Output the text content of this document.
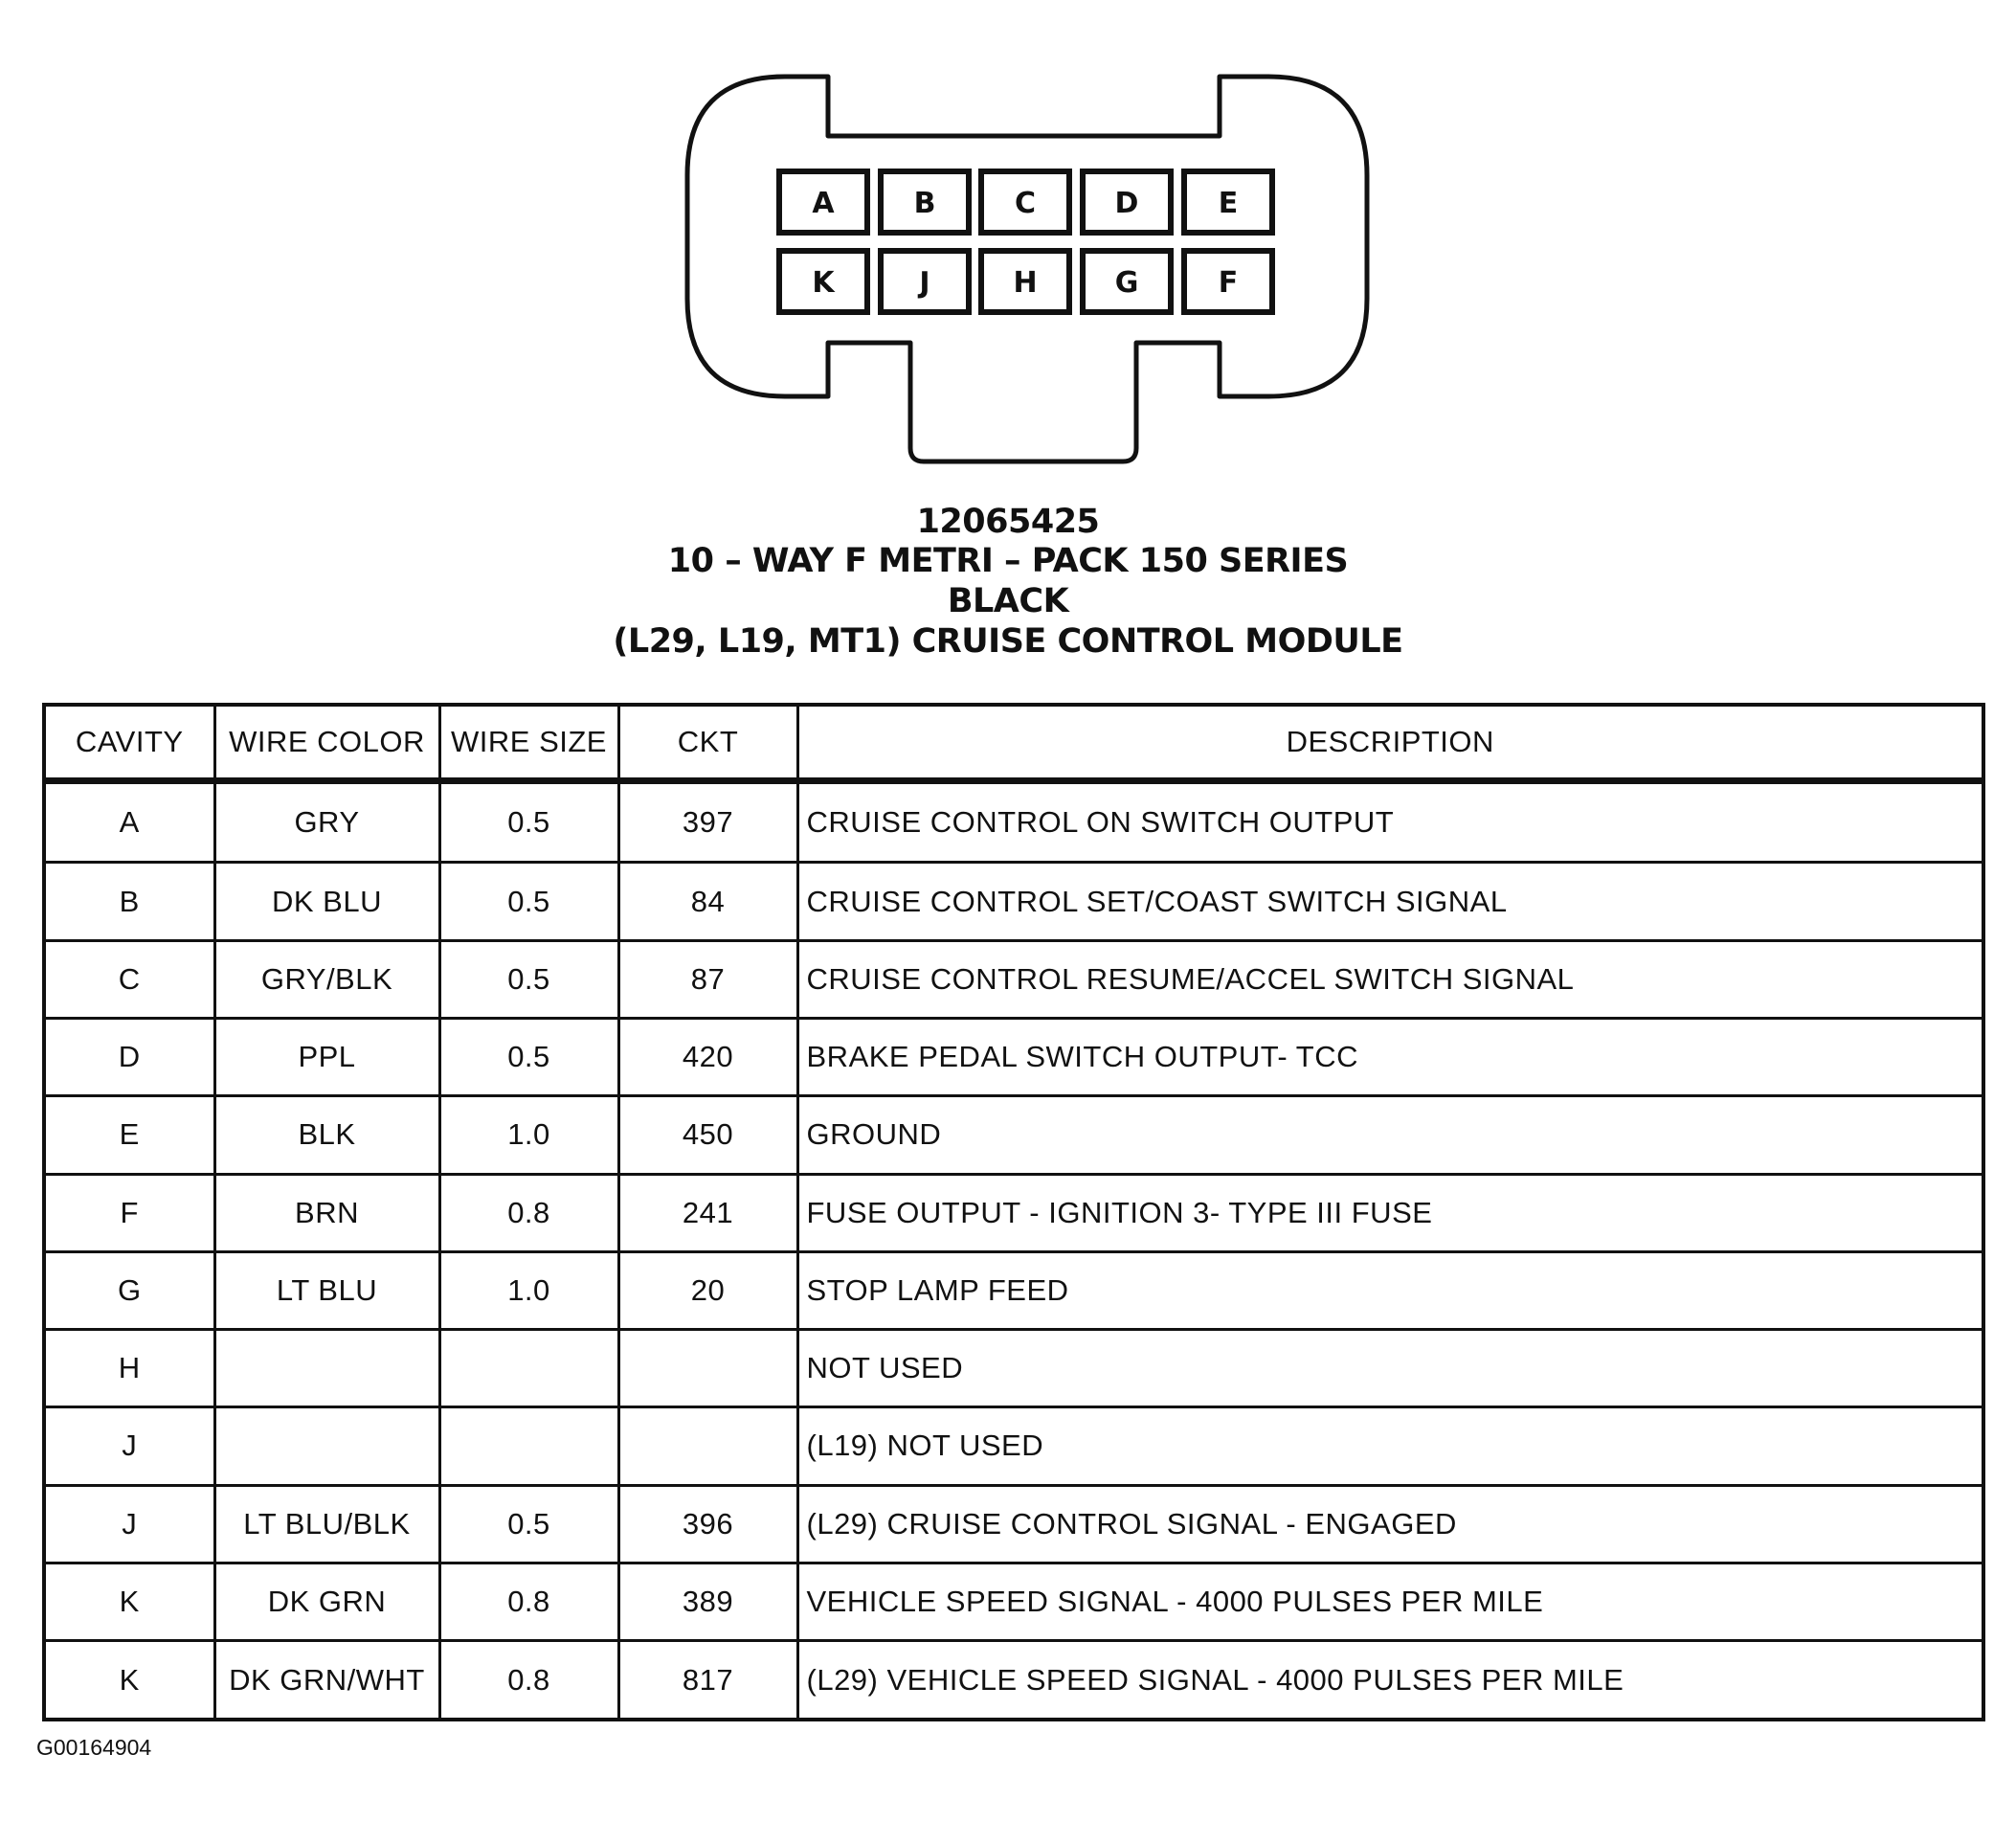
A	B	C	D	E
K	J	H	G	F
12065425
10 – WAY F METRI – PACK 150 SERIES
BLACK
(L29, L19, MT1) CRUISE CONTROL MODULE
CAVITY	WIRE COLOR	WIRE SIZE	CKT	DESCRIPTION
A	GRY	0.5	397	CRUISE CONTROL ON SWITCH OUTPUT
B	DK BLU	0.5	84	CRUISE CONTROL SET/COAST SWITCH SIGNAL
C	GRY/BLK	0.5	87	CRUISE CONTROL RESUME/ACCEL SWITCH SIGNAL
D	PPL	0.5	420	BRAKE PEDAL SWITCH OUTPUT- TCC
E	BLK	1.0	450	GROUND
F	BRN	0.8	241	FUSE OUTPUT - IGNITION 3- TYPE III FUSE
G	LT BLU	1.0	20	STOP LAMP FEED
H				NOT USED
J				(L19) NOT USED
J	LT BLU/BLK	0.5	396	(L29) CRUISE CONTROL SIGNAL - ENGAGED
K	DK GRN	0.8	389	VEHICLE SPEED SIGNAL - 4000 PULSES PER MILE
K	DK GRN/WHT	0.8	817	(L29) VEHICLE SPEED SIGNAL - 4000 PULSES PER MILE
G00164904
